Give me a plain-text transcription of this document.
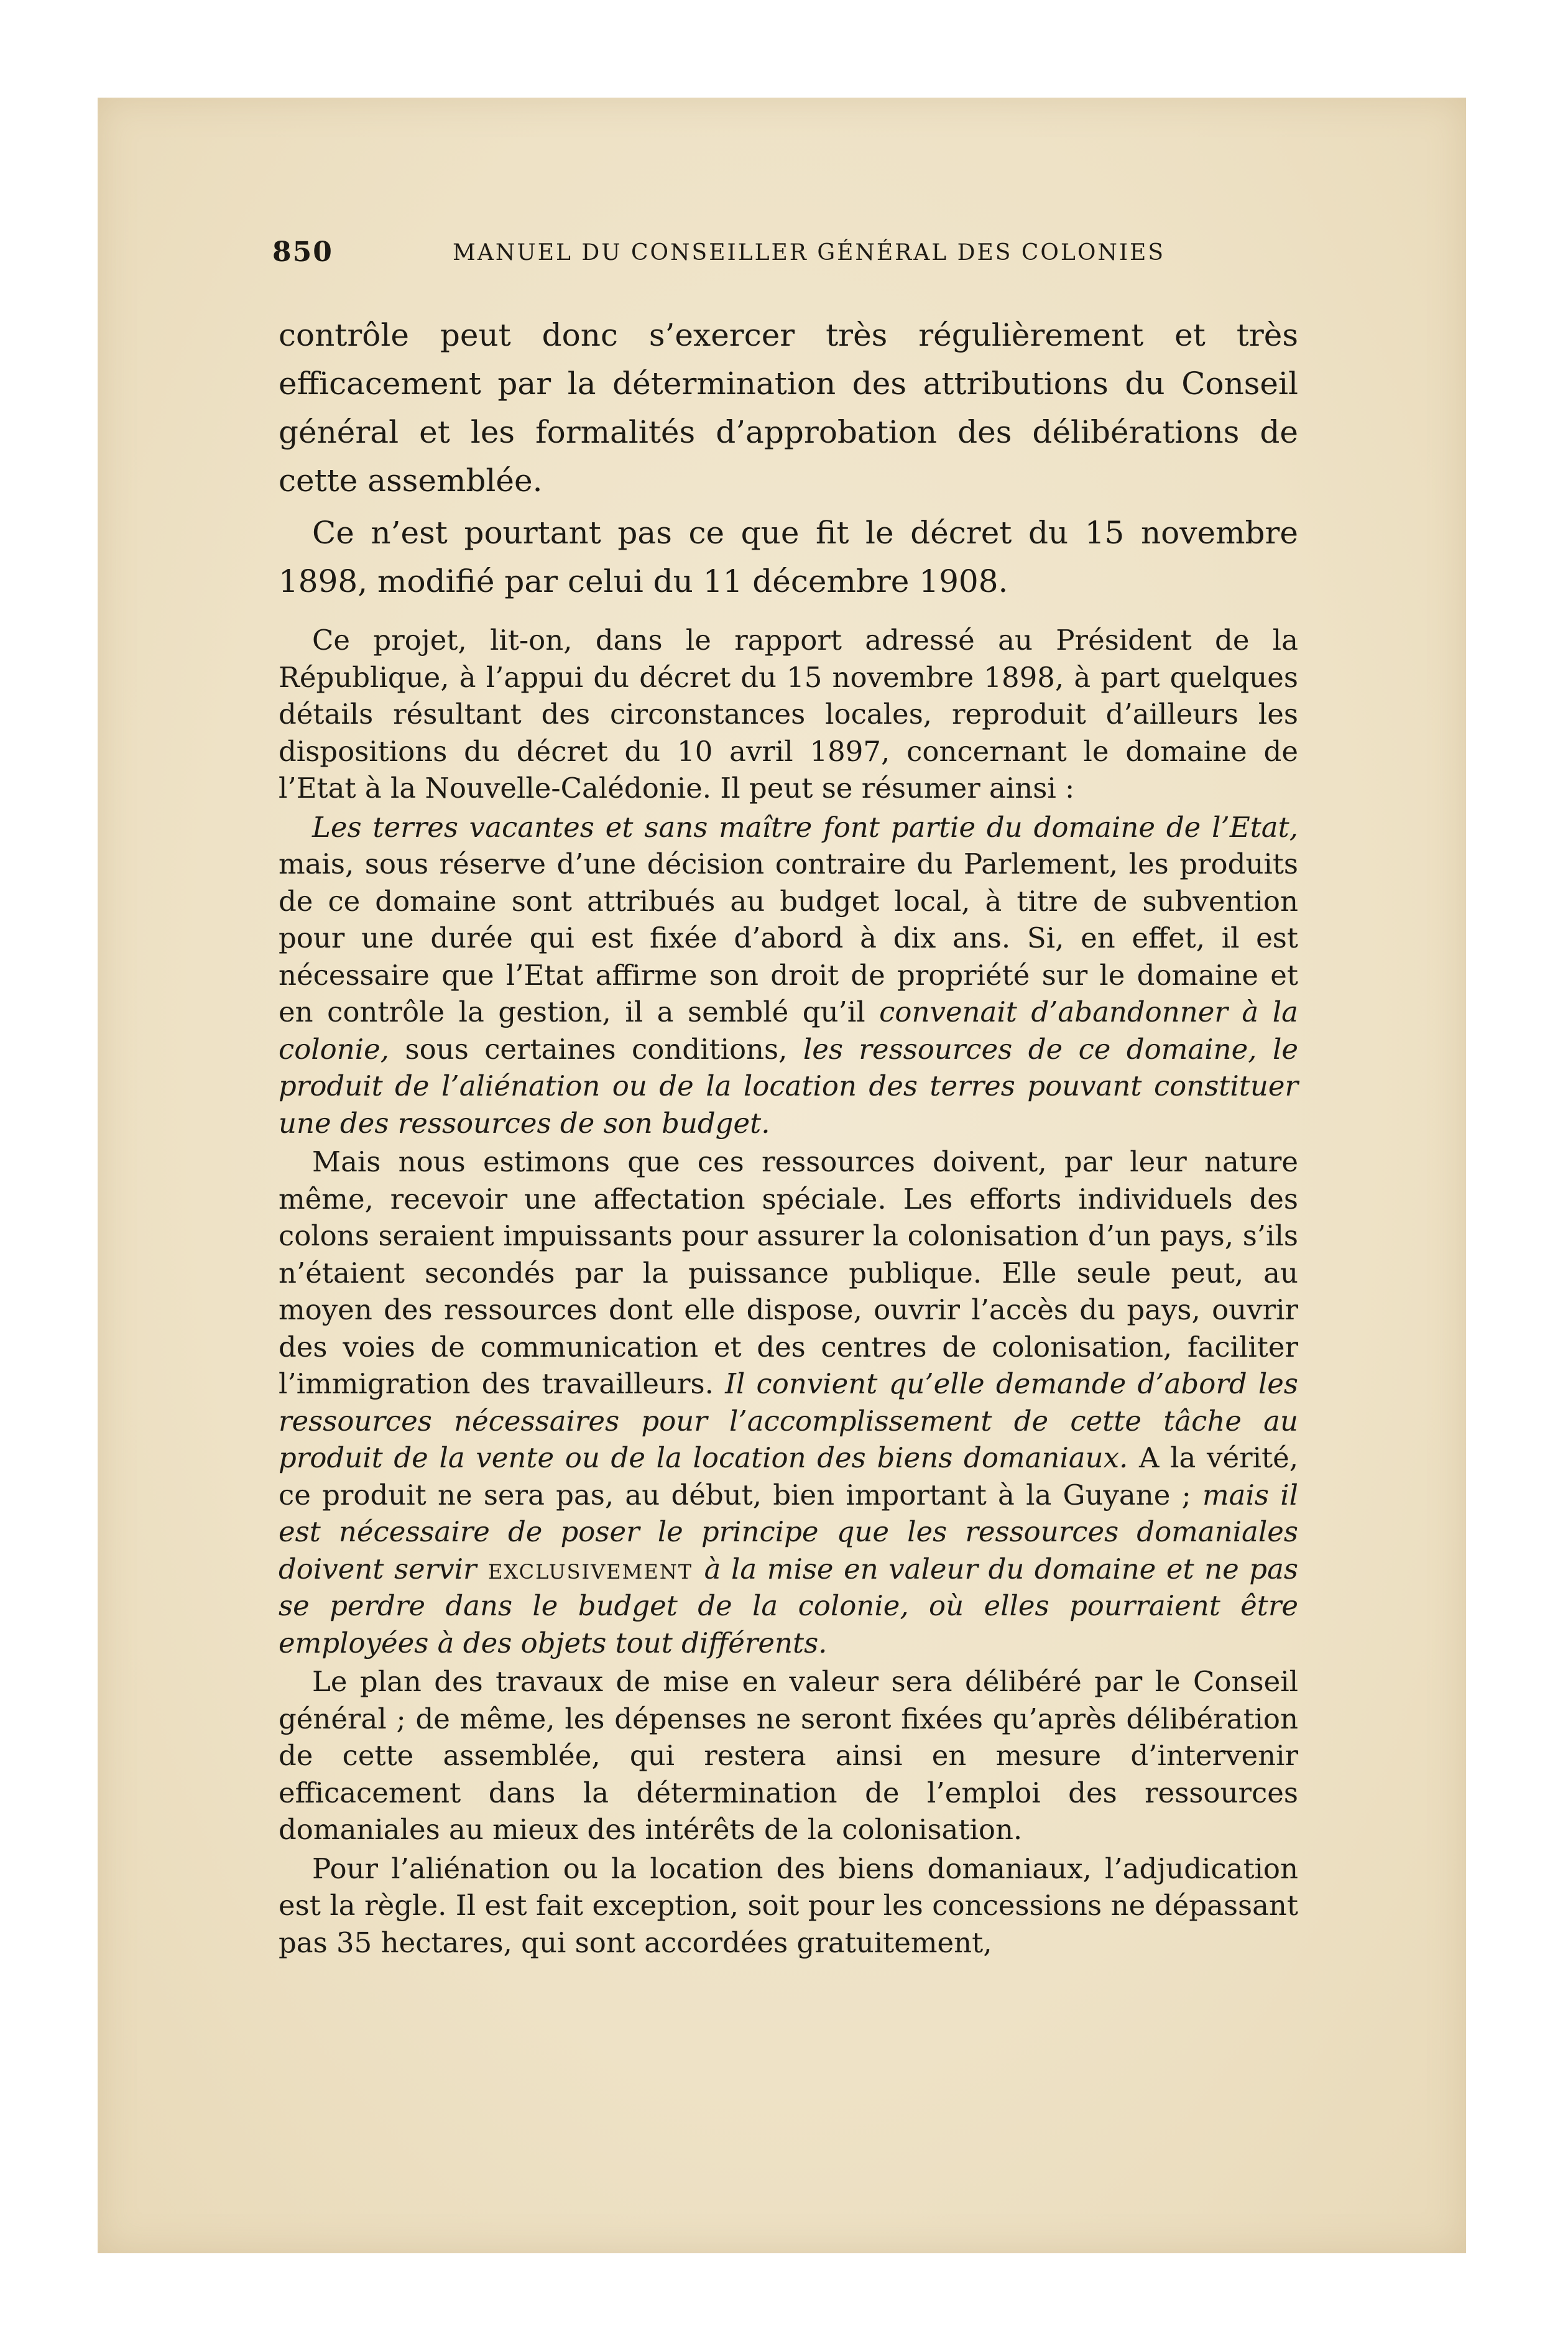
850	MANUEL DU CONSEILLER GÉNÉRAL DES COLONIES

contrôle peut donc s’exercer très régulièrement et très efficacement par la détermination des attributions du Conseil général et les formalités d’approbation des délibérations de cette assemblée.

Ce n’est pourtant pas ce que fit le décret du 15 novembre 1898, modifié par celui du 11 décembre 1908.

Ce projet, lit-on, dans le rapport adressé au Président de la République, à l’appui du décret du 15 novembre 1898, à part quelques détails résultant des circonstances locales, reproduit d’ailleurs les dispositions du décret du 10 avril 1897, concernant le domaine de l’Etat à la Nouvelle-Calédonie. Il peut se résumer ainsi :

Les terres vacantes et sans maître font partie du domaine de l’Etat, mais, sous réserve d’une décision contraire du Parlement, les produits de ce domaine sont attribués au budget local, à titre de subvention pour une durée qui est fixée d’abord à dix ans. Si, en effet, il est nécessaire que l’Etat affirme son droit de propriété sur le domaine et en contrôle la gestion, il a semblé qu’il convenait d’abandonner à la colonie, sous certaines conditions, les ressources de ce domaine, le produit de l’aliénation ou de la location des terres pouvant constituer une des ressources de son budget.

Mais nous estimons que ces ressources doivent, par leur nature même, recevoir une affectation spéciale. Les efforts individuels des colons seraient impuissants pour assurer la colonisation d’un pays, s’ils n’étaient secondés par la puissance publique. Elle seule peut, au moyen des ressources dont elle dispose, ouvrir l’accès du pays, ouvrir des voies de communication et des centres de colonisation, faciliter l’immigration des travailleurs. Il convient qu’elle demande d’abord les ressources nécessaires pour l’accomplissement de cette tâche au produit de la vente ou de la location des biens domaniaux. A la vérité, ce produit ne sera pas, au début, bien important à la Guyane ; mais il est nécessaire de poser le principe que les ressources domaniales doivent servir exclusivement à la mise en valeur du domaine et ne pas se perdre dans le budget de la colonie, où elles pourraient être employées à des objets tout différents.

Le plan des travaux de mise en valeur sera délibéré par le Conseil général ; de même, les dépenses ne seront fixées qu’après délibération de cette assemblée, qui restera ainsi en mesure d’intervenir efficacement dans la détermination de l’emploi des ressources domaniales au mieux des intérêts de la colonisation.

Pour l’aliénation ou la location des biens domaniaux, l’adjudication est la règle. Il est fait exception, soit pour les concessions ne dépassant pas 35 hectares, qui sont accordées gratuitement,
